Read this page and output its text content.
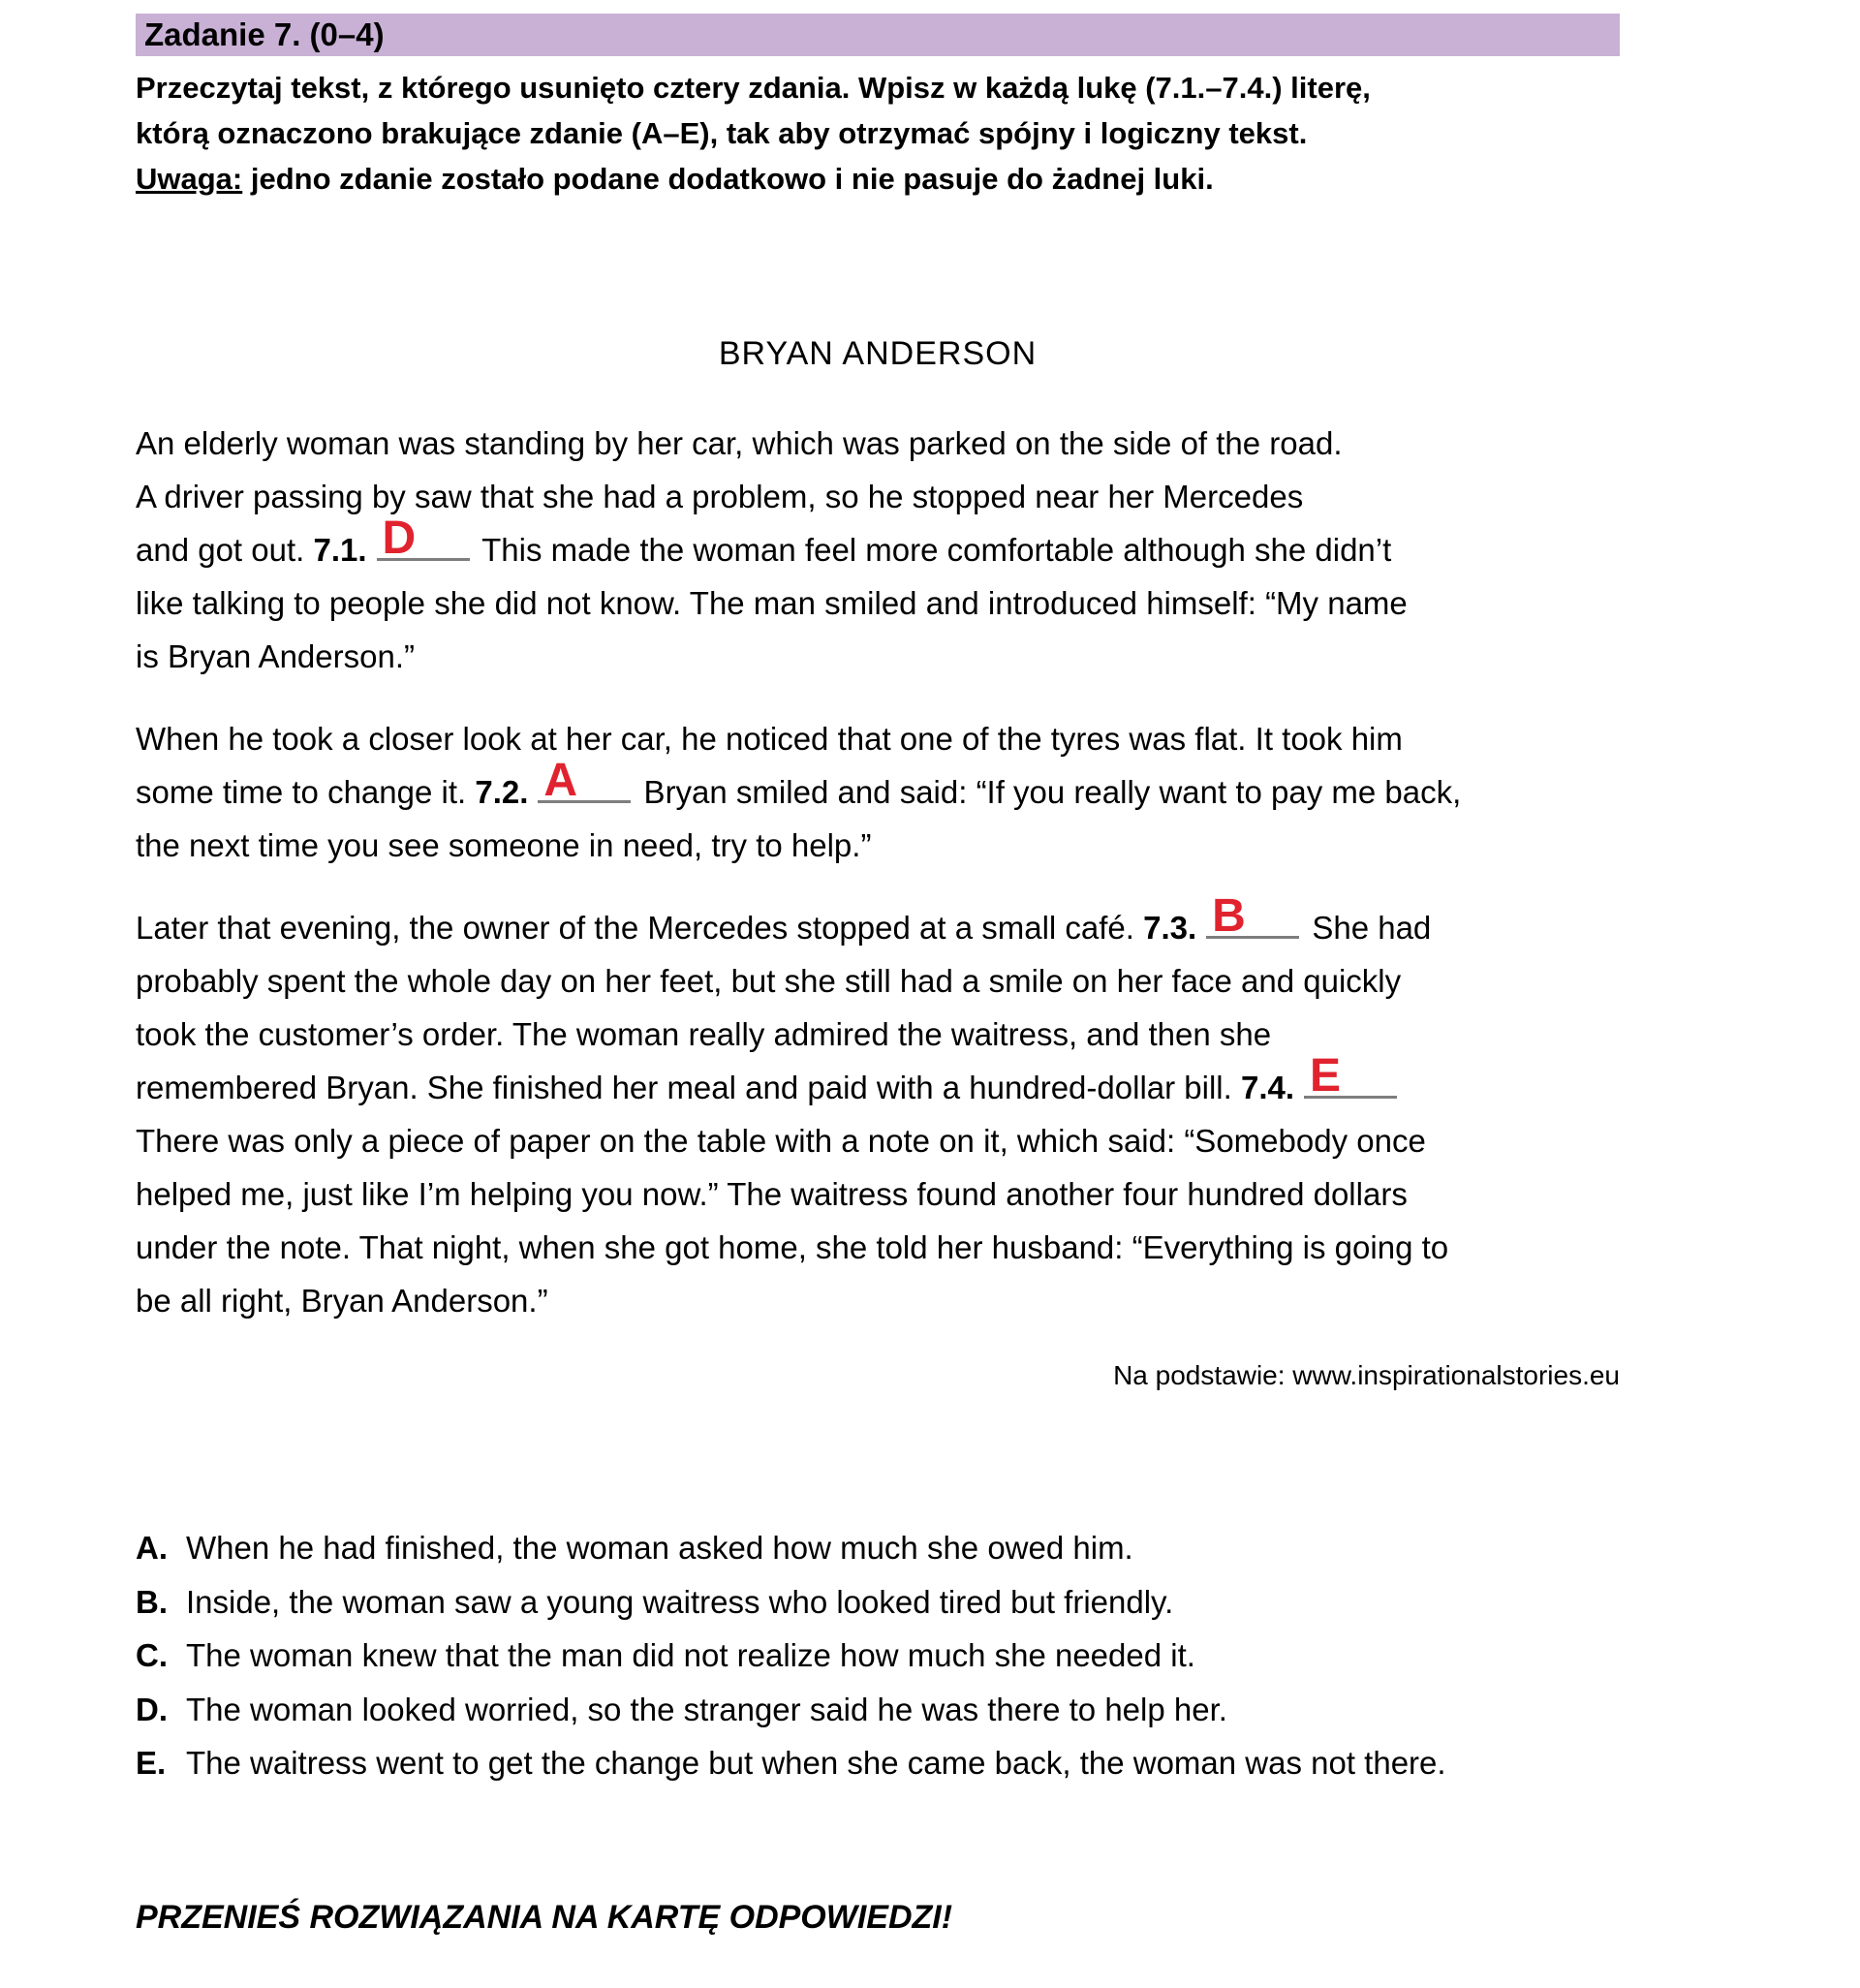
Zadanie 7. (0–4)
Przeczytaj tekst, z którego usunięto cztery zdania. Wpisz w każdą lukę (7.1.–7.4.) literę,
którą oznaczono brakujące zdanie (A–E), tak aby otrzymać spójny i logiczny tekst.
Uwaga: jedno zdanie zostało podane dodatkowo i nie pasuje do żadnej luki.
BRYAN ANDERSON

An elderly woman was standing by her car, which was parked on the side of the road.
A driver passing by saw that she had a problem, so he stopped near her Mercedes
and got out. 7.1. D This made the woman feel more comfortable although she didn’t
like talking to people she did not know. The man smiled and introduced himself: “My name
is Bryan Anderson.”

When he took a closer look at her car, he noticed that one of the tyres was flat. It took him
some time to change it. 7.2. A Bryan smiled and said: “If you really want to pay me back,
the next time you see someone in need, try to help.”

Later that evening, the owner of the Mercedes stopped at a small café. 7.3. B She had
probably spent the whole day on her feet, but she still had a smile on her face and quickly
took the customer’s order. The woman really admired the waitress, and then she
remembered Bryan. She finished her meal and paid with a hundred-dollar bill. 7.4. E

There was only a piece of paper on the table with a note on it, which said: “Somebody once
helped me, just like I’m helping you now.” The waitress found another four hundred dollars
under the note. That night, when she got home, she told her husband: “Everything is going to
be all right, Bryan Anderson.”

Na podstawie: www.inspirationalstories.eu
A. When he had finished, the woman asked how much she owed him.
B. Inside, the woman saw a young waitress who looked tired but friendly.
C. The woman knew that the man did not realize how much she needed it.
D. The woman looked worried, so the stranger said he was there to help her.
E. The waitress went to get the change but when she came back, the woman was not there.
PRZENIEŚ ROZWIĄZANIA NA KARTĘ ODPOWIEDZI!
